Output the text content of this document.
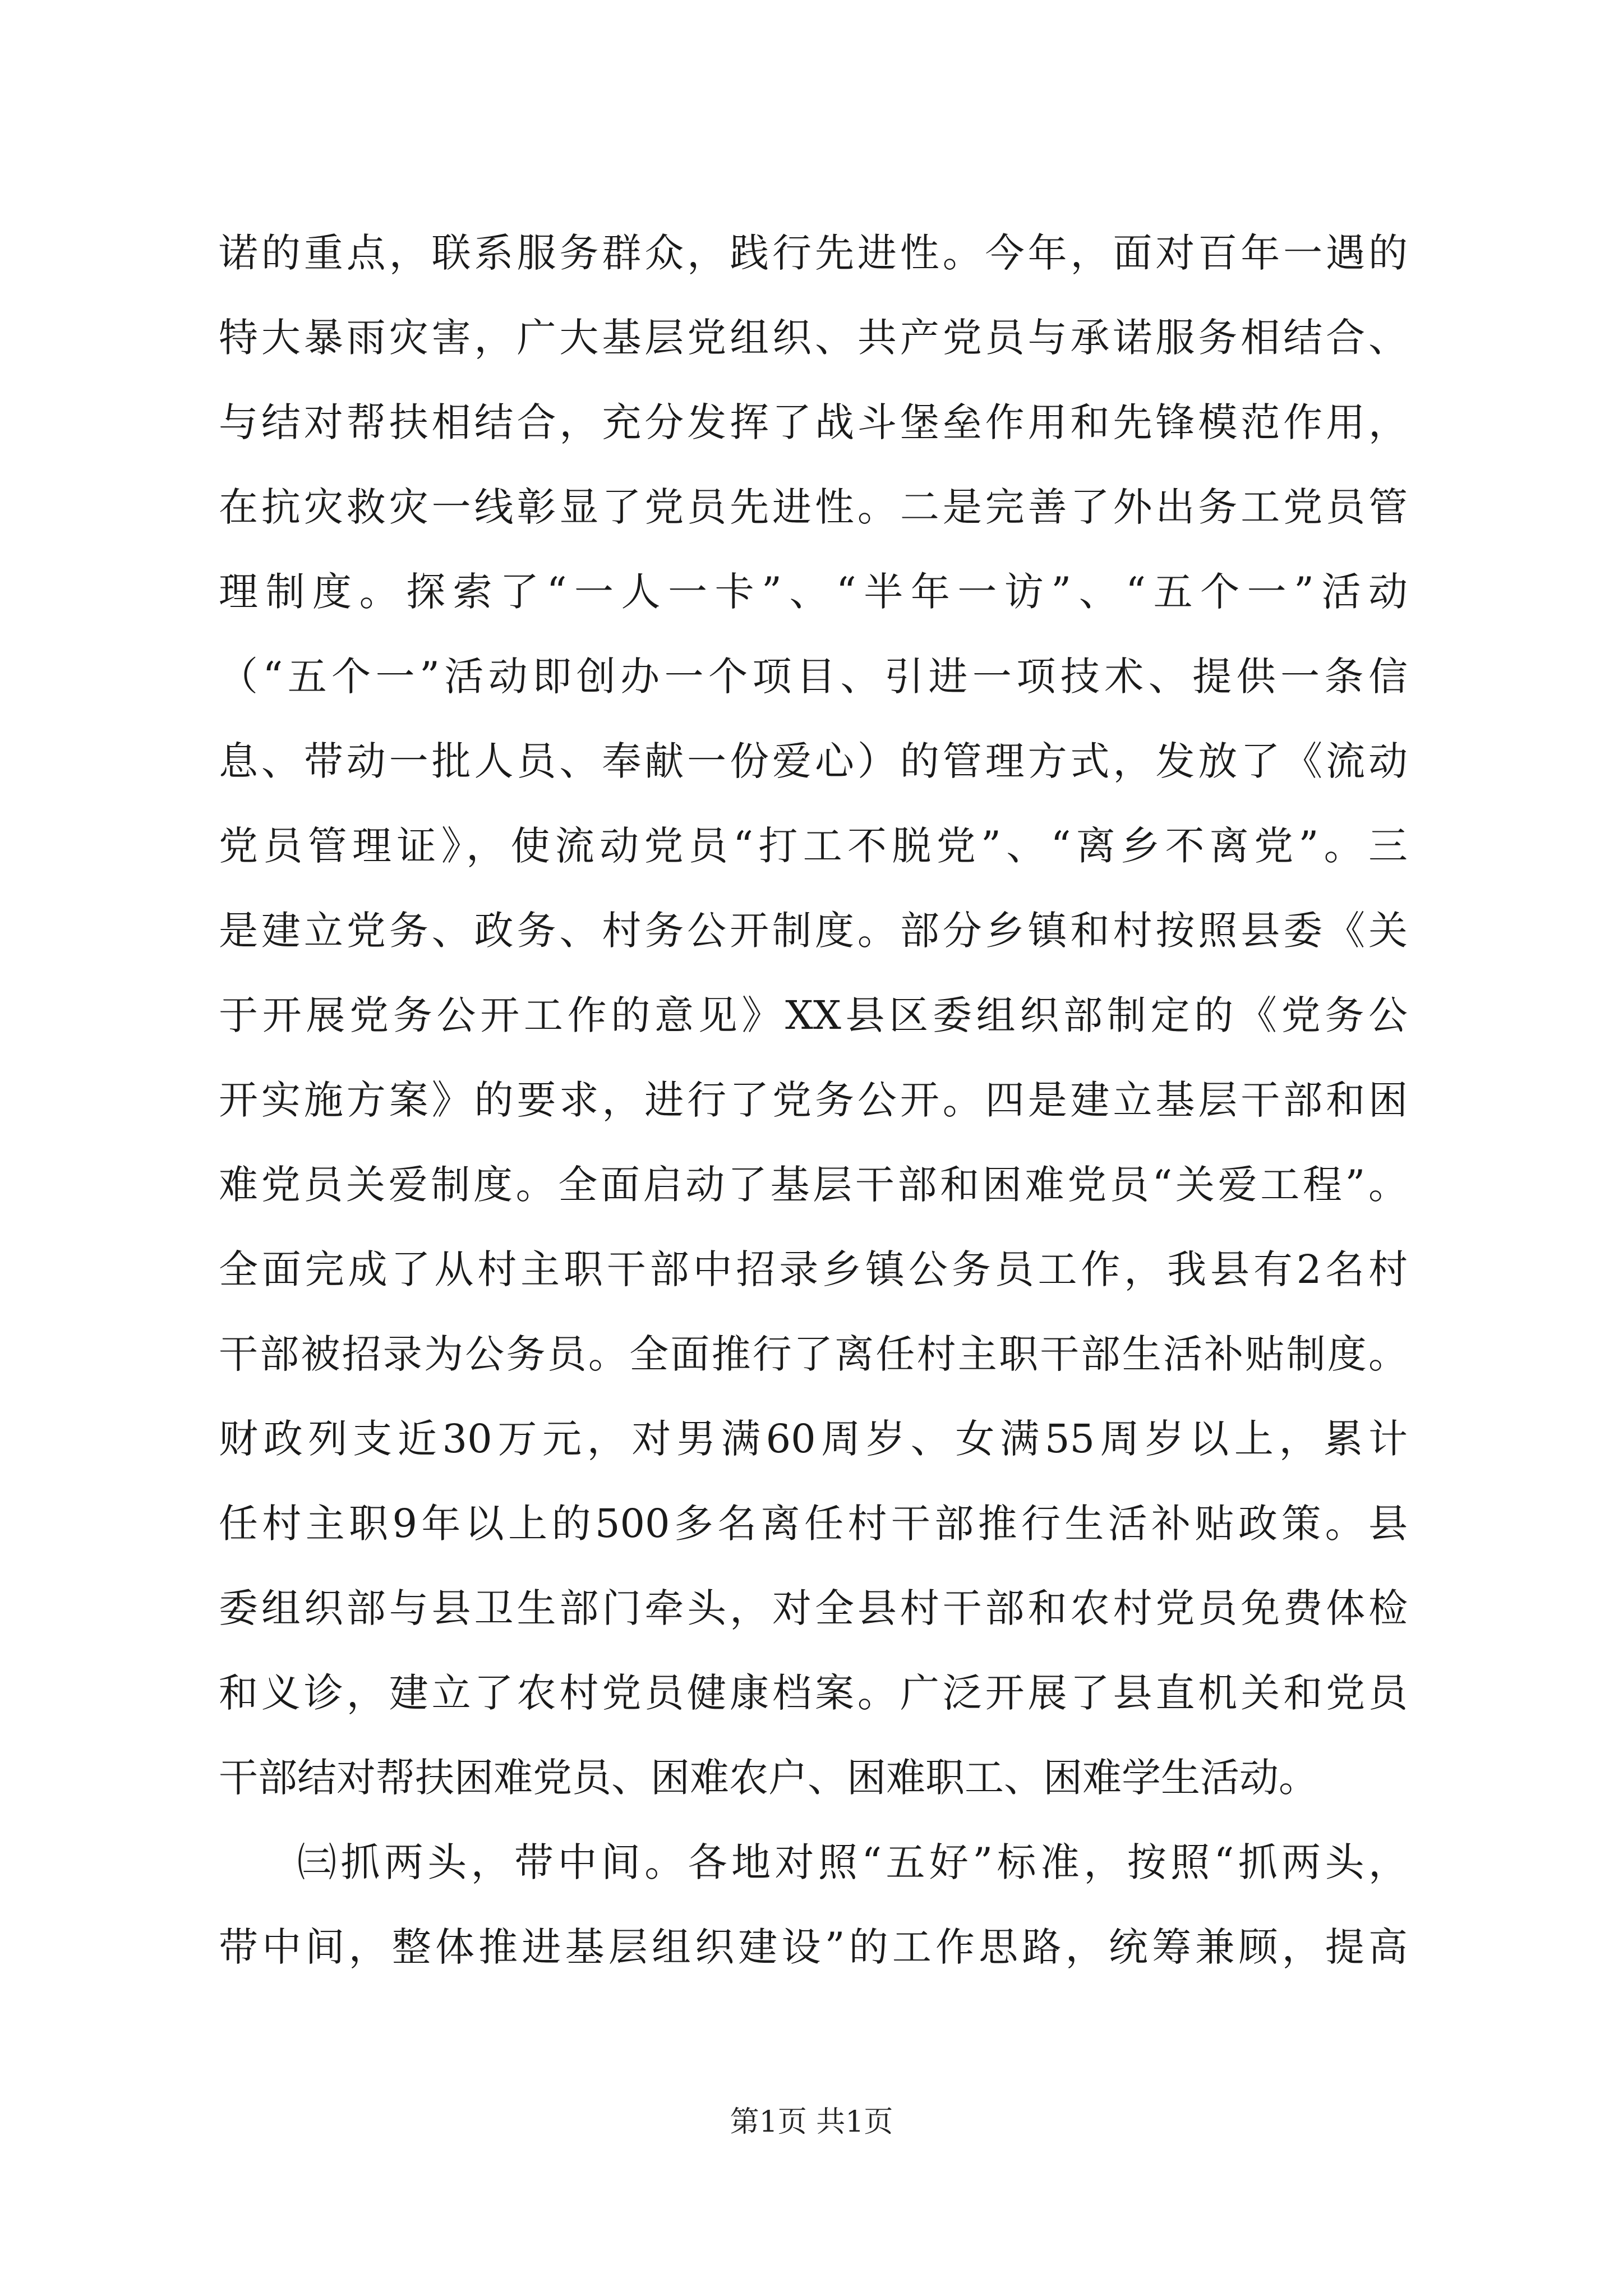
诺的重点，联系服务群众，践行先进性。今年，面对百年一遇的
特大暴雨灾害，广大基层党组织、共产党员与承诺服务相结合、
与结对帮扶相结合，充分发挥了战斗堡垒作用和先锋模范作用，
在抗灾救灾一线彰显了党员先进性。二是完善了外出务工党员管
理制度。探索了“一人一卡”、“半年一访”、“五个一”活动
（“五个一”活动即创办一个项目、引进一项技术、提供一条信
息、带动一批人员、奉献一份爱心）的管理方式，发放了《流动
党员管理证》，使流动党员“打工不脱党”、“离乡不离党”。三
是建立党务、政务、村务公开制度。部分乡镇和村按照县委《关
于开展党务公开工作的意见》XX县区委组织部制定的《党务公
开实施方案》的要求，进行了党务公开。四是建立基层干部和困
难党员关爱制度。全面启动了基层干部和困难党员“关爱工程”。
全面完成了从村主职干部中招录乡镇公务员工作，我县有2名村
干部被招录为公务员。全面推行了离任村主职干部生活补贴制度。
财政列支近30万元，对男满60周岁、女满55周岁以上，累计
任村主职9年以上的500多名离任村干部推行生活补贴政策。县
委组织部与县卫生部门牵头，对全县村干部和农村党员免费体检
和义诊，建立了农村党员健康档案。广泛开展了县直机关和党员
干部结对帮扶困难党员、困难农户、困难职工、困难学生活动。
㈢抓两头，带中间。各地对照“五好”标准，按照“抓两头，
带中间，整体推进基层组织建设”的工作思路，统筹兼顾，提高
第1页 共1页
